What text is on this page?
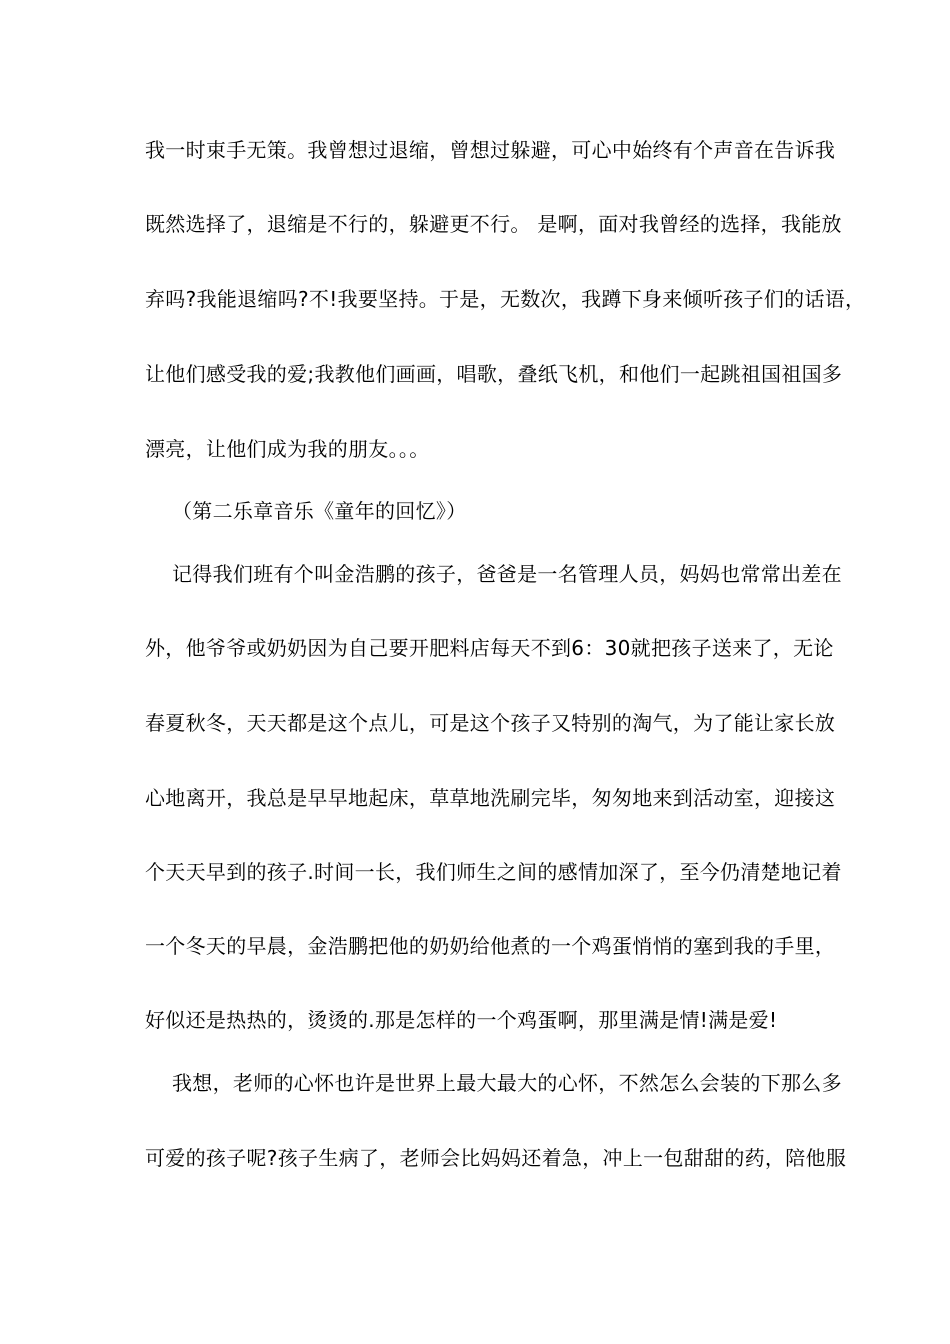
我一时束手无策。我曾想过退缩，曾想过躲避，可心中始终有个声音在告诉我
既然选择了，退缩是不行的，躲避更不行。 是啊，面对我曾经的选择，我能放
弃吗?我能退缩吗?不!我要坚持。于是，无数次，我蹲下身来倾听孩子们的话语，
让他们感受我的爱;我教他们画画，唱歌，叠纸飞机，和他们一起跳祖国祖国多
漂亮，让他们成为我的朋友。。。
（第二乐章音乐《童年的回忆》）
记得我们班有个叫金浩鹏的孩子，爸爸是一名管理人员，妈妈也常常出差在
外，他爷爷或奶奶因为自己要开肥料店每天不到6：30就把孩子送来了，无论
春夏秋冬，天天都是这个点儿，可是这个孩子又特别的淘气，为了能让家长放
心地离开，我总是早早地起床，草草地洗刷完毕，匆匆地来到活动室，迎接这
个天天早到的孩子.时间一长，我们师生之间的感情加深了，至今仍清楚地记着
一个冬天的早晨，金浩鹏把他的奶奶给他煮的一个鸡蛋悄悄的塞到我的手里，
好似还是热热的，烫烫的.那是怎样的一个鸡蛋啊，那里满是情!满是爱!
我想，老师的心怀也许是世界上最大最大的心怀，不然怎么会装的下那么多
可爱的孩子呢?孩子生病了，老师会比妈妈还着急，冲上一包甜甜的药，陪他服
